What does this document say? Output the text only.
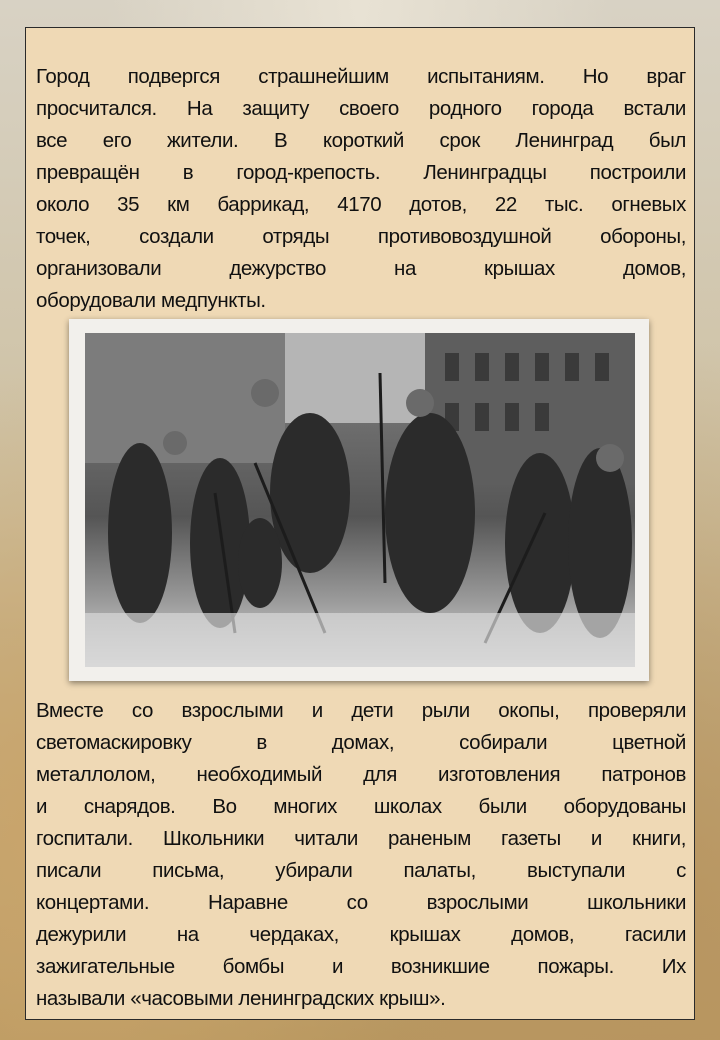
Город подвергся страшнейшим испытаниям. Но враг
просчитался. На защиту своего родного города встали
все его жители. В короткий срок Ленинград был
превращён в город-крепость. Ленинградцы построили
около 35 км баррикад, 4170 дотов, 22 тыс. огневых
точек, создали отряды противовоздушной обороны,
организовали дежурство на крышах домов,
оборудовали медпункты.
Вместе со взрослыми и дети рыли окопы, проверяли
светомаскировку в домах, собирали цветной
металлолом, необходимый для изготовления патронов
и снарядов. Во многих школах были оборудованы
госпитали. Школьники читали раненым газеты и книги,
писали письма, убирали палаты, выступали с
концертами. Наравне со взрослыми школьники
дежурили на чердаках, крышах домов, гасили
зажигательные бомбы и возникшие пожары. Их
называли «часовыми ленинградских крыш».
